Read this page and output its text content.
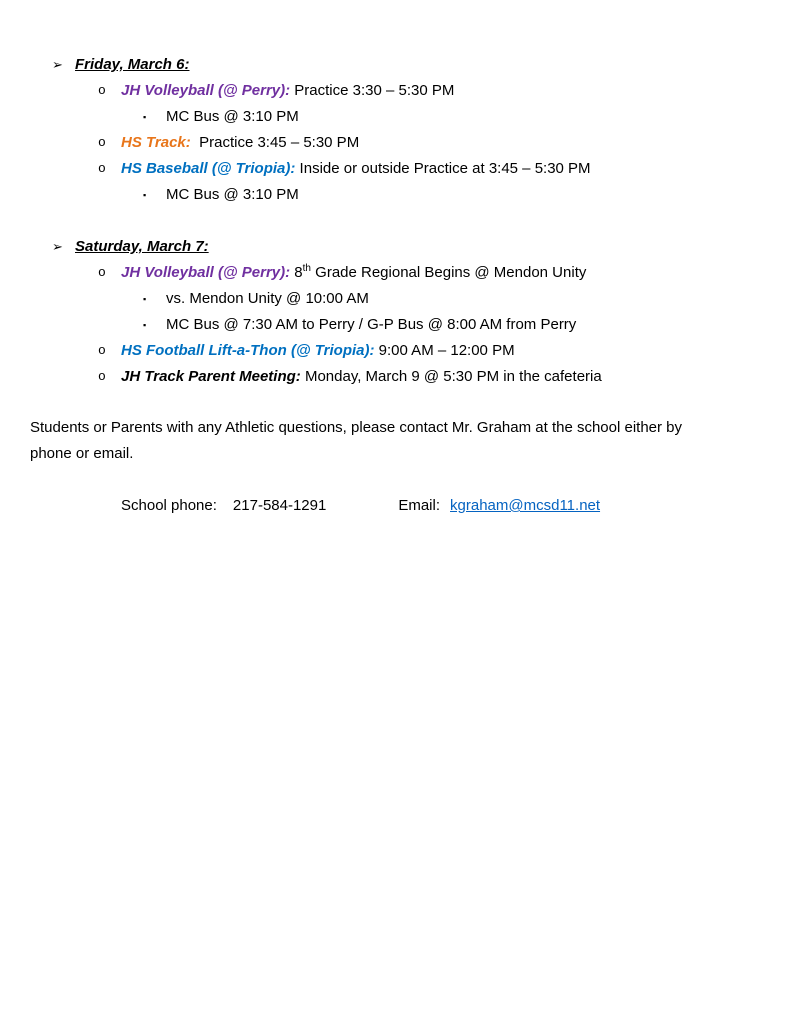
➢ Friday, March 6:
o JH Volleyball (@ Perry): Practice 3:30 – 5:30 PM
▪ MC Bus @ 3:10 PM
o HS Track:  Practice 3:45 – 5:30 PM
o HS Baseball (@ Triopia): Inside or outside Practice at 3:45 – 5:30 PM
▪ MC Bus @ 3:10 PM
➢ Saturday, March 7:
o JH Volleyball (@ Perry): 8th Grade Regional Begins @ Mendon Unity
▪ vs. Mendon Unity @ 10:00 AM
▪ MC Bus @ 7:30 AM to Perry / G-P Bus @ 8:00 AM from Perry
o HS Football Lift-a-Thon (@ Triopia): 9:00 AM – 12:00 PM
o JH Track Parent Meeting: Monday, March 9 @ 5:30 PM in the cafeteria
Students or Parents with any Athletic questions, please contact Mr. Graham at the school either by phone or email.
School phone: 217-584-1291	Email: kgraham@mcsd11.net
